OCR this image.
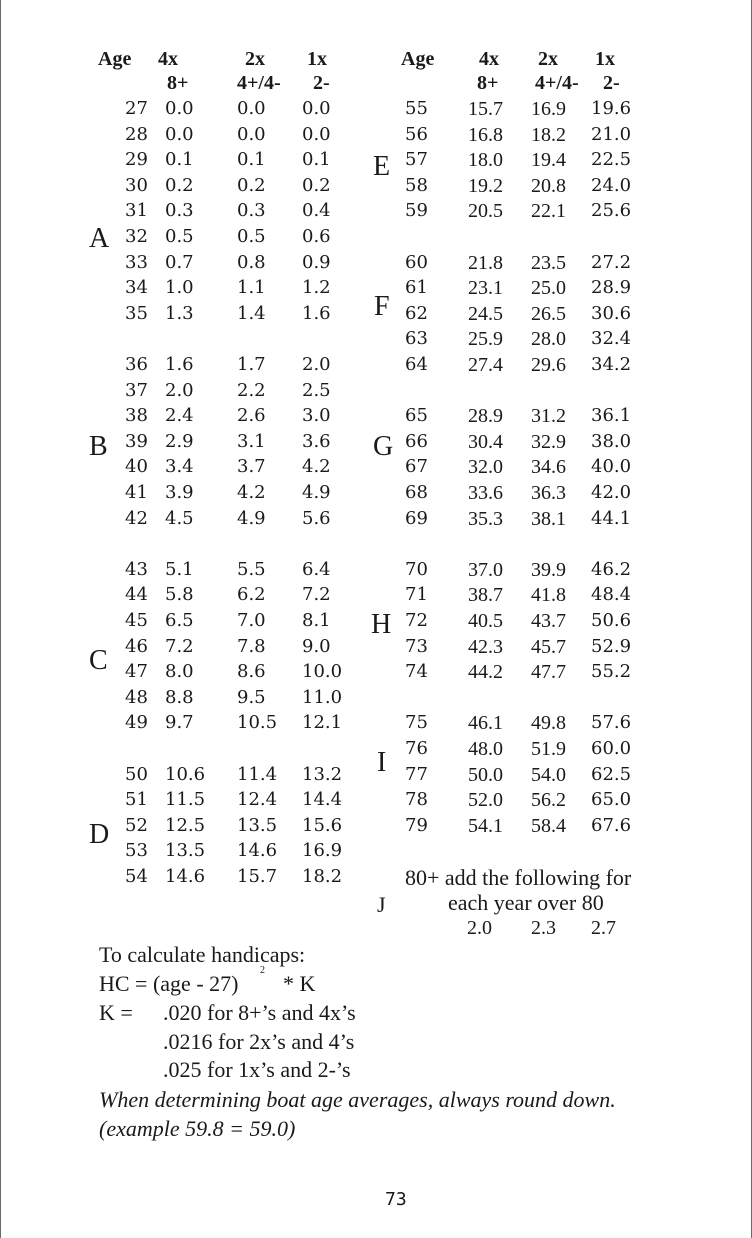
Age 4x
8+
2x
4+/4-
1x
2-
Age 4x
8+
2x
4+/4-
1x
2-
27 0.0 0.0 0.0
28 0.0 0.0 0.0
29 0.1 0.1 0.1
30 0.2 0.2 0.2
31 0.3 0.3 0.4
32 0.5 0.5 0.6
33 0.7 0.8 0.9
34 1.0 1.1 1.2
35 1.3 1.4 1.6
36 1.6 1.7 2.0
37 2.0 2.2 2.5
38 2.4 2.6 3.0
39 2.9 3.1 3.6
40 3.4 3.7 4.2
41 3.9 4.2 4.9
42 4.5 4.9 5.6
43 5.1 5.5 6.4
44 5.8 6.2 7.2
45 6.5 7.0 8.1
46 7.2 7.8 9.0
47 8.0 8.6 10.0
48 8.8 9.5 11.0
49 9.7 10.5 12.1
50 10.6 11.4 13.2
51 11.5 12.4 14.4
52 12.5 13.5 15.6
53 13.5 14.6 16.9
54 14.6 15.7 18.2
55 15.7 16.9 19.6
56 16.8 18.2 21.0
57 18.0 19.4 22.5
58 19.2 20.8 24.0
59 20.5 22.1 25.6
60 21.8 23.5 27.2
61 23.1 25.0 28.9
62 24.5 26.5 30.6
63 25.9 28.0 32.4
64 27.4 29.6 34.2
65 28.9 31.2 36.1
66 30.4 32.9 38.0
67 32.0 34.6 40.0
68 33.6 36.3 42.0
69 35.3 38.1 44.1
70 37.0 39.9 46.2
71 38.7 41.8 48.4
72 40.5 43.7 50.6
73 42.3 45.7 52.9
74 44.2 47.7 55.2
75 46.1 49.8 57.6
76 48.0 51.9 60.0
77 50.0 54.0 62.5
78 52.0 56.2 65.0
79 54.1 58.4 67.6
A
B
C
D
E
F
G
H
I
J
80+ add the following for
each year over 80
2.0 2.3 2.7
To calculate handicaps:
HC = (age - 27)
2
* K
K = .020 for 8+’s and 4x’s
.0216 for 2x’s and 4’s
.025 for 1x’s and 2-’s
When determining boat age averages, always round down.
(example 59.8 = 59.0)
73
